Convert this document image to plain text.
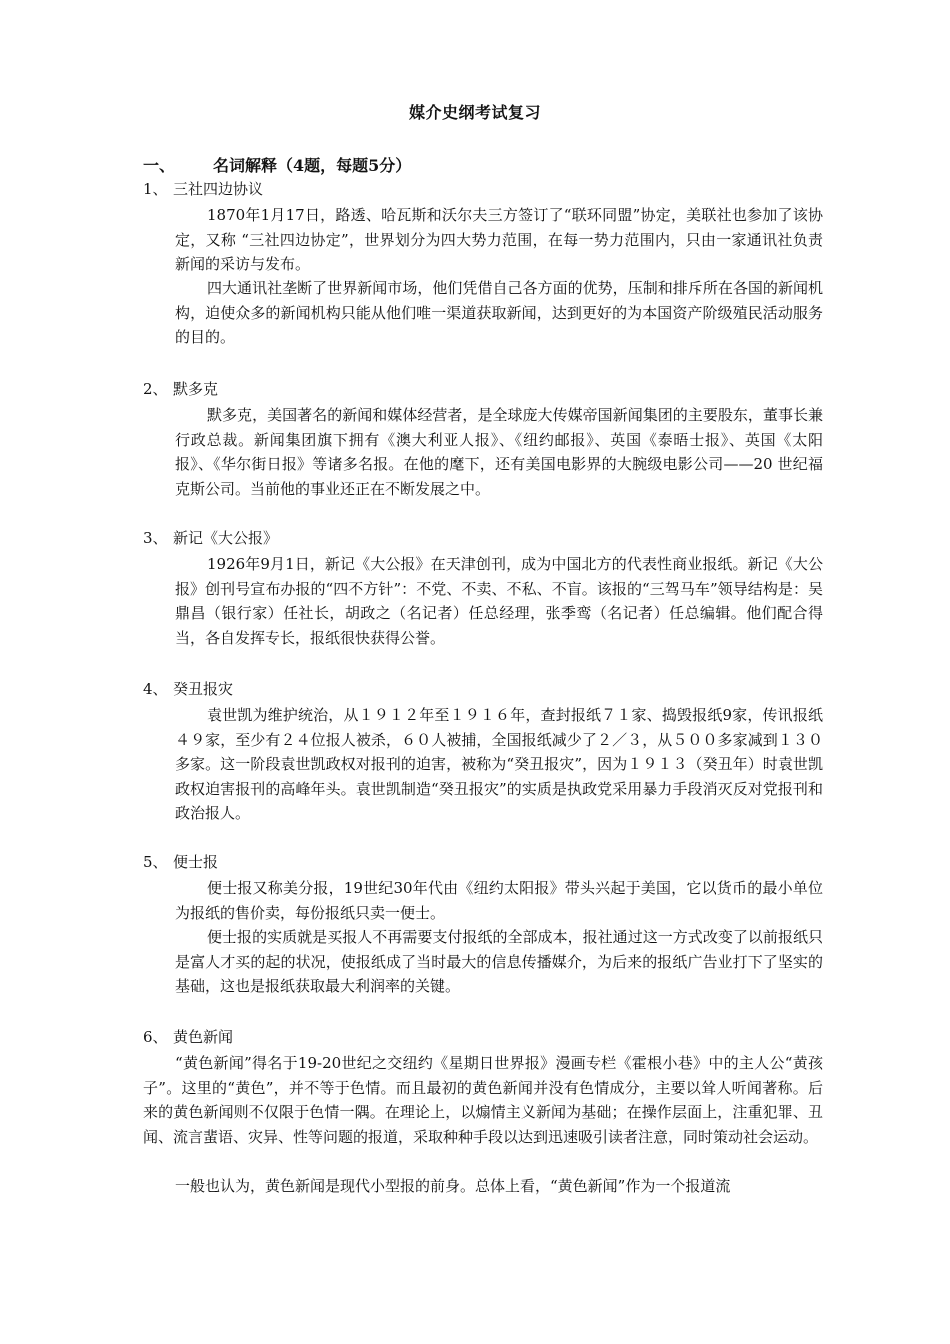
媒介史纲考试复习
一、 名词解释（4题，每题5分）
1、 三社四边协议

1870年1月17日，路透、哈瓦斯和沃尔夫三方签订了“联环同盟”协定，美联社也参加了该协定，又称 “三社四边协定”，世界划分为四大势力范围，在每一势力范围内，只由一家通讯社负责新闻的采访与发布。

四大通讯社垄断了世界新闻市场，他们凭借自己各方面的优势，压制和排斥所在各国的新闻机构，迫使众多的新闻机构只能从他们唯一渠道获取新闻，达到更好的为本国资产阶级殖民活动服务的目的。

2、 默多克

默多克，美国著名的新闻和媒体经营者，是全球庞大传媒帝国新闻集团的主要股东，董事长兼行政总裁。新闻集团旗下拥有《澳大利亚人报》、《纽约邮报》、英国《泰晤士报》、英国《太阳报》、《华尔街日报》等诸多名报。在他的麾下，还有美国电影界的大腕级电影公司——20 世纪福克斯公司。当前他的事业还正在不断发展之中。

3、 新记《大公报》

1926年9月1日，新记《大公报》在天津创刊，成为中国北方的代表性商业报纸。新记《大公报》创刊号宣布办报的“四不方针”：不党、不卖、不私、不盲。该报的“三驾马车”领导结构是：吴鼎昌（银行家）任社长，胡政之（名记者）任总经理，张季鸾（名记者）任总编辑。他们配合得当，各自发挥专长，报纸很快获得公誉。

4、 癸丑报灾

袁世凯为维护统治，从１９１２年至１９１６年，查封报纸７１家、捣毁报纸9家，传讯报纸４９家，至少有２４位报人被杀，６０人被捕，全国报纸减少了２／３，从５００多家减到１３０多家。这一阶段袁世凯政权对报刊的迫害，被称为“癸丑报灾”，因为１９１３（癸丑年）时袁世凯政权迫害报刊的高峰年头。袁世凯制造“癸丑报灾”的实质是执政党采用暴力手段消灭反对党报刊和政治报人。

5、 便士报

便士报又称美分报，19世纪30年代由《纽约太阳报》带头兴起于美国，它以货币的最小单位为报纸的售价卖，每份报纸只卖一便士。

便士报的实质就是买报人不再需要支付报纸的全部成本，报社通过这一方式改变了以前报纸只是富人才买的起的状况，使报纸成了当时最大的信息传播媒介，为后来的报纸广告业打下了坚实的基础，这也是报纸获取最大利润率的关键。

6、 黄色新闻

“黄色新闻”得名于19-20世纪之交纽约《星期日世界报》漫画专栏《霍根小巷》中的主人公“黄孩子”。这里的“黄色”，并不等于色情。而且最初的黄色新闻并没有色情成分，主要以耸人听闻著称。后来的黄色新闻则不仅限于色情一隅。在理论上，以煽情主义新闻为基础；在操作层面上，注重犯罪、丑闻、流言蜚语、灾异、性等问题的报道，采取种种手段以达到迅速吸引读者注意，同时策动社会运动。

一般也认为，黄色新闻是现代小型报的前身。总体上看，“黄色新闻”作为一个报道流
